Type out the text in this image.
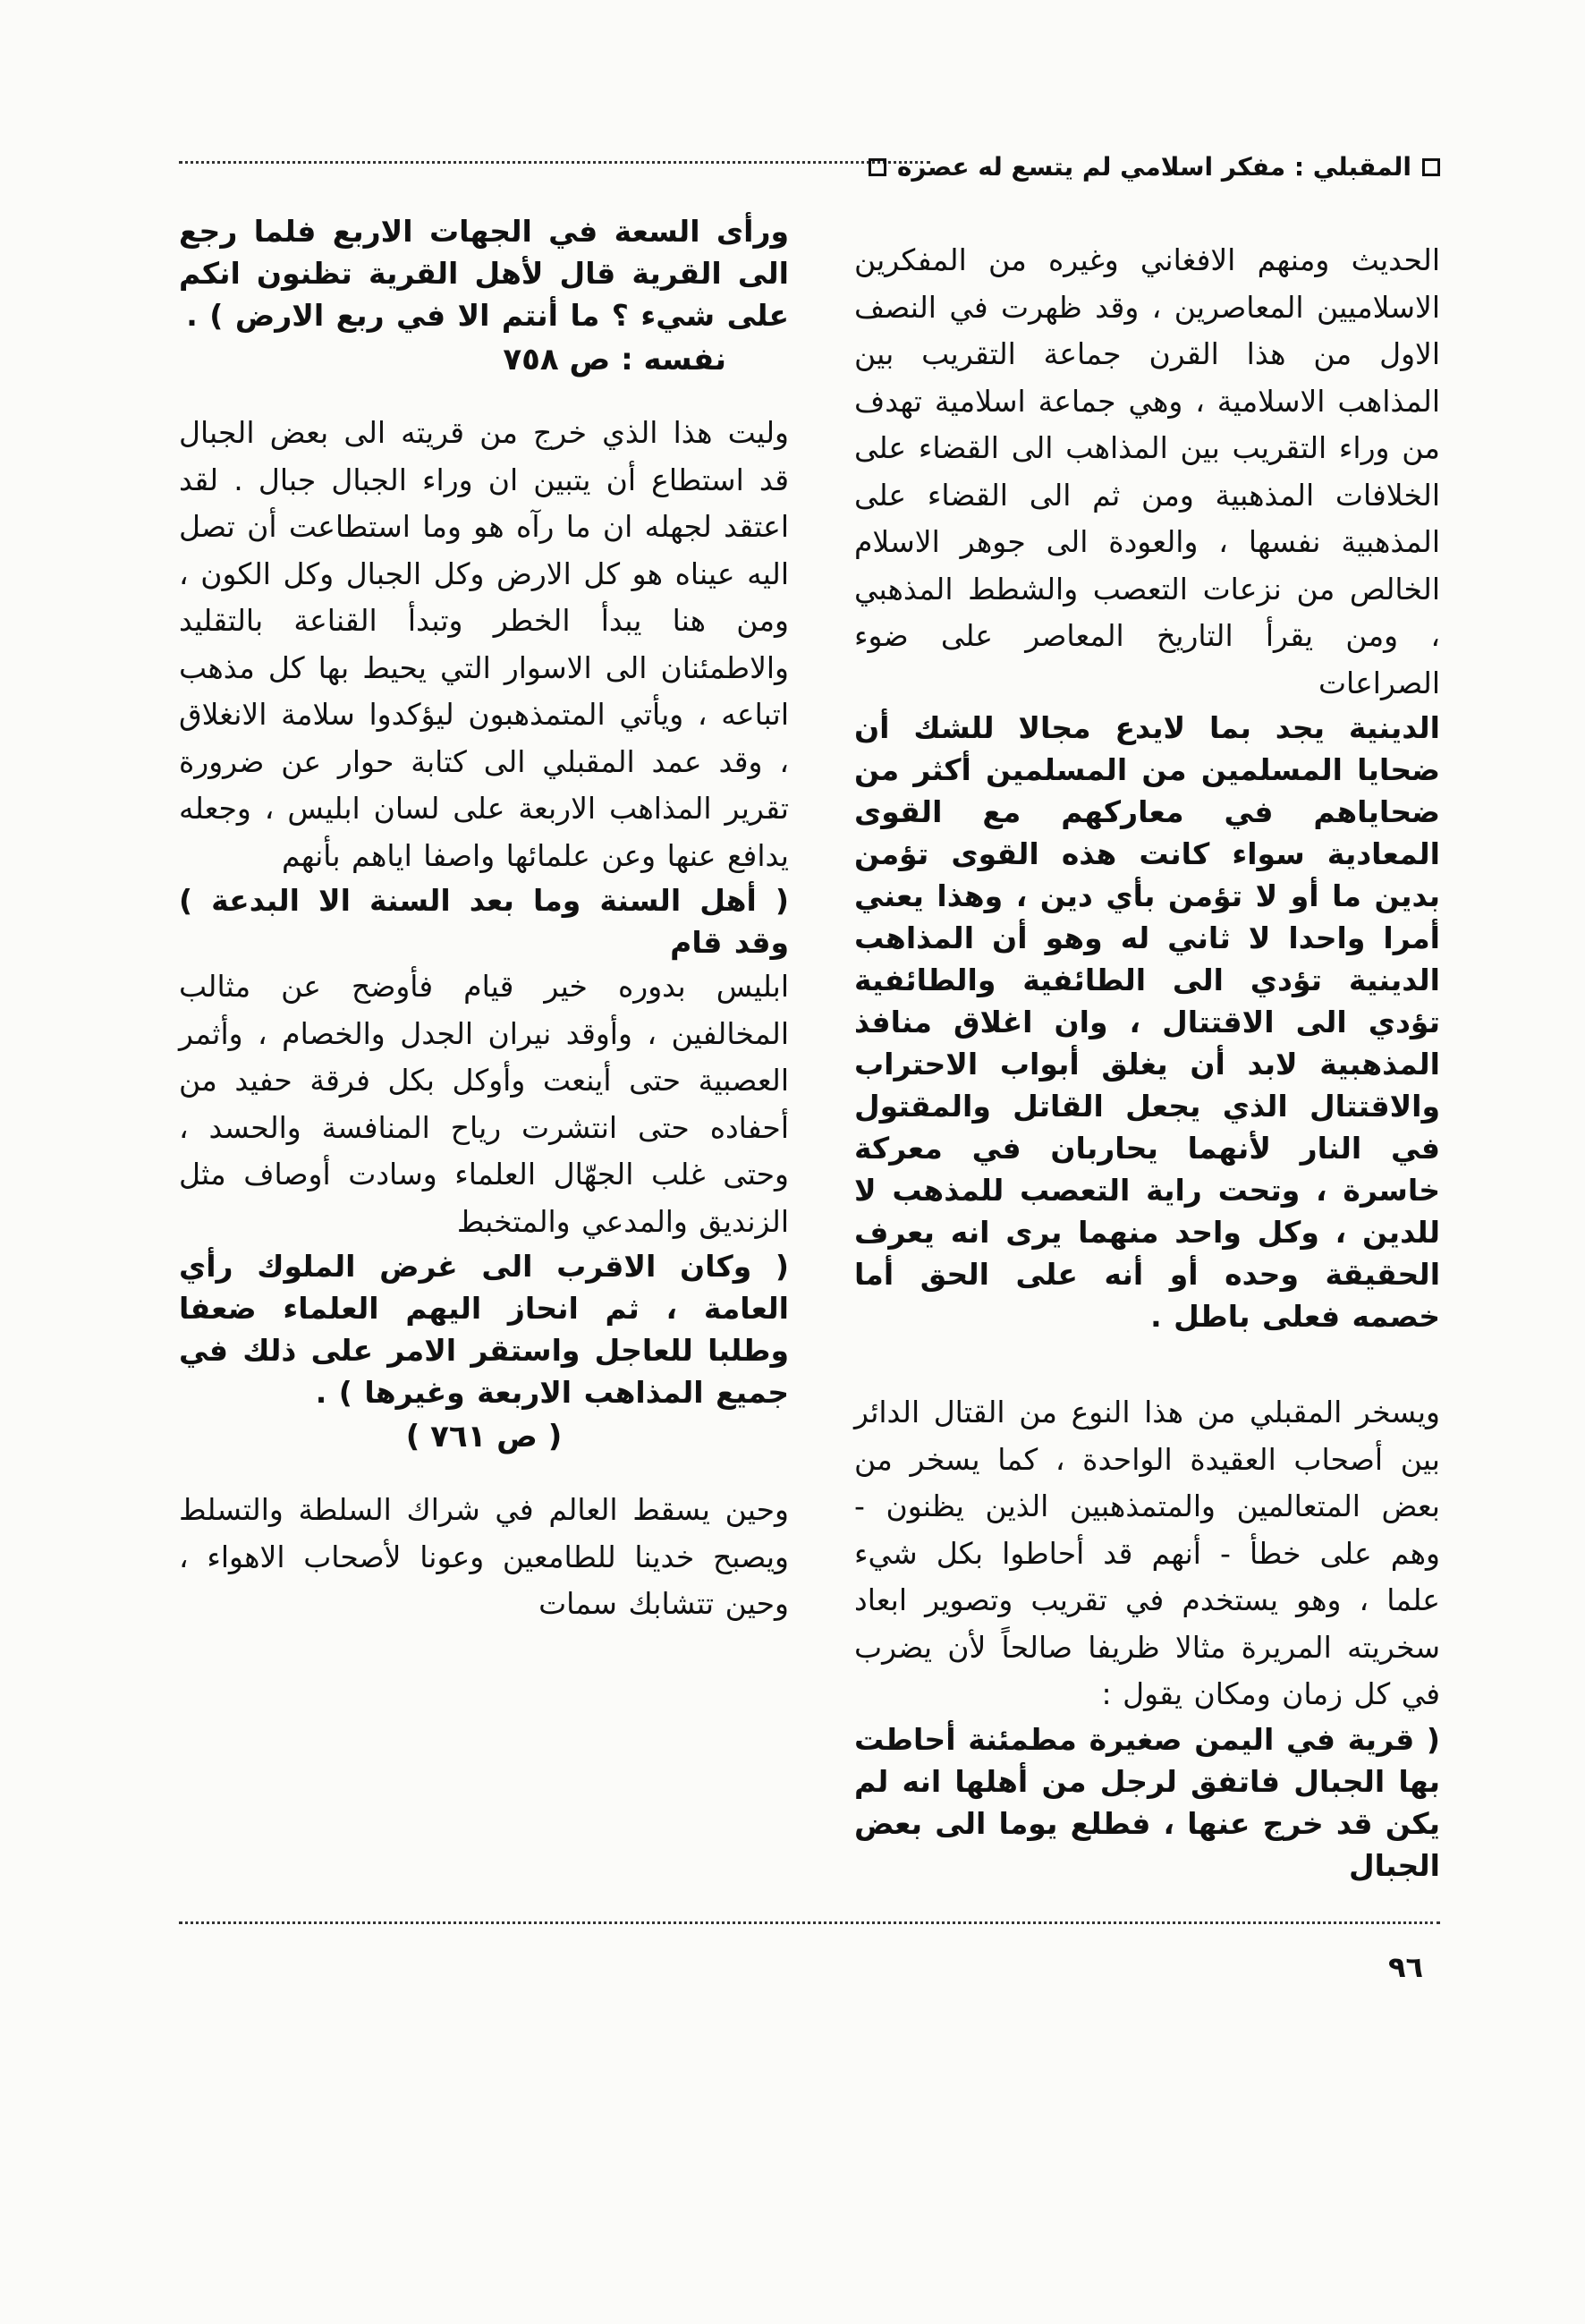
المقبلي : مفكر اسلامي لم يتسع له عصره

الحديث ومنهم الافغاني وغيره من المفكرين الاسلاميين المعاصرين ، وقد ظهرت في النصف الاول من هذا القرن جماعة التقريب بين المذاهب الاسلامية ، وهي جماعة اسلامية تهدف من وراء التقريب بين المذاهب الى القضاء على الخلافات المذهبية ومن ثم الى القضاء على المذهبية نفسها ، والعودة الى جوهر الاسلام الخالص من نزعات التعصب والشطط المذهبي ، ومن يقرأ التاريخ المعاصر على ضوء الصراعات

الدينية يجد بما لايدع مجالا للشك أن ضحايا المسلمين من المسلمين أكثر من ضحاياهم في معاركهم مع القوى المعادية سواء كانت هذه القوى تؤمن بدين ما أو لا تؤمن بأي دين ، وهذا يعني أمرا واحدا لا ثاني له وهو أن المذاهب الدينية تؤدي الى الطائفية والطائفية تؤدي الى الاقتتال ، وان اغلاق منافذ المذهبية لابد أن يغلق أبواب الاحتراب والاقتتال الذي يجعل القاتل والمقتول في النار لأنهما يحاربان في معركة خاسرة ، وتحت راية التعصب للمذهب لا للدين ، وكل واحد منهما يرى انه يعرف الحقيقة وحده أو أنه على الحق أما خصمه فعلى باطل .

ويسخر المقبلي من هذا النوع من القتال الدائر بين أصحاب العقيدة الواحدة ، كما يسخر من بعض المتعالمين والمتمذهبين الذين يظنون - وهم على خطأ - أنهم قد أحاطوا بكل شيء علما ، وهو يستخدم في تقريب وتصوير ابعاد سخريته المريرة مثالا ظريفا صالحاً لأن يضرب في كل زمان ومكان يقول :

( قرية في اليمن صغيرة مطمئنة أحاطت بها الجبال فاتفق لرجل من أهلها انه لم يكن قد خرج عنها ، فطلع يوما الى بعض الجبال

ورأى السعة في الجهات الاربع فلما رجع الى القرية قال لأهل القرية تظنون انكم على شيء ؟ ما أنتم الا في ربع الارض ) .

نفسه : ص ٧٥٨

وليت هذا الذي خرج من قريته الى بعض الجبال قد استطاع أن يتبين ان وراء الجبال جبال . لقد اعتقد لجهله ان ما رآه هو وما استطاعت أن تصل اليه عيناه هو كل الارض وكل الجبال وكل الكون ، ومن هنا يبدأ الخطر وتبدأ القناعة بالتقليد والاطمئنان الى الاسوار التي يحيط بها كل مذهب اتباعه ، ويأتي المتمذهبون ليؤكدوا سلامة الانغلاق ، وقد عمد المقبلي الى كتابة حوار عن ضرورة تقرير المذاهب الاربعة على لسان ابليس ، وجعله يدافع عنها وعن علمائها واصفا اياهم بأنهم

( أهل السنة وما بعد السنة الا البدعة ) وقد قام

ابليس بدوره خير قيام فأوضح عن مثالب المخالفين ، وأوقد نيران الجدل والخصام ، وأثمر العصبية حتى أينعت وأوكل بكل فرقة حفيد من أحفاده حتى انتشرت رياح المنافسة والحسد ، وحتى غلب الجهّال العلماء وسادت أوصاف مثل الزنديق والمدعي والمتخبط

( وكان الاقرب الى غرض الملوك رأي العامة ، ثم انحاز اليهم العلماء ضعفا وطلبا للعاجل واستقر الامر على ذلك في جميع المذاهب الاربعة وغيرها ) .

( ص ٧٦١ )

وحين يسقط العالم في شراك السلطة والتسلط ويصبح خدينا للطامعين وعونا لأصحاب الاهواء ، وحين تتشابك سمات

٩٦
